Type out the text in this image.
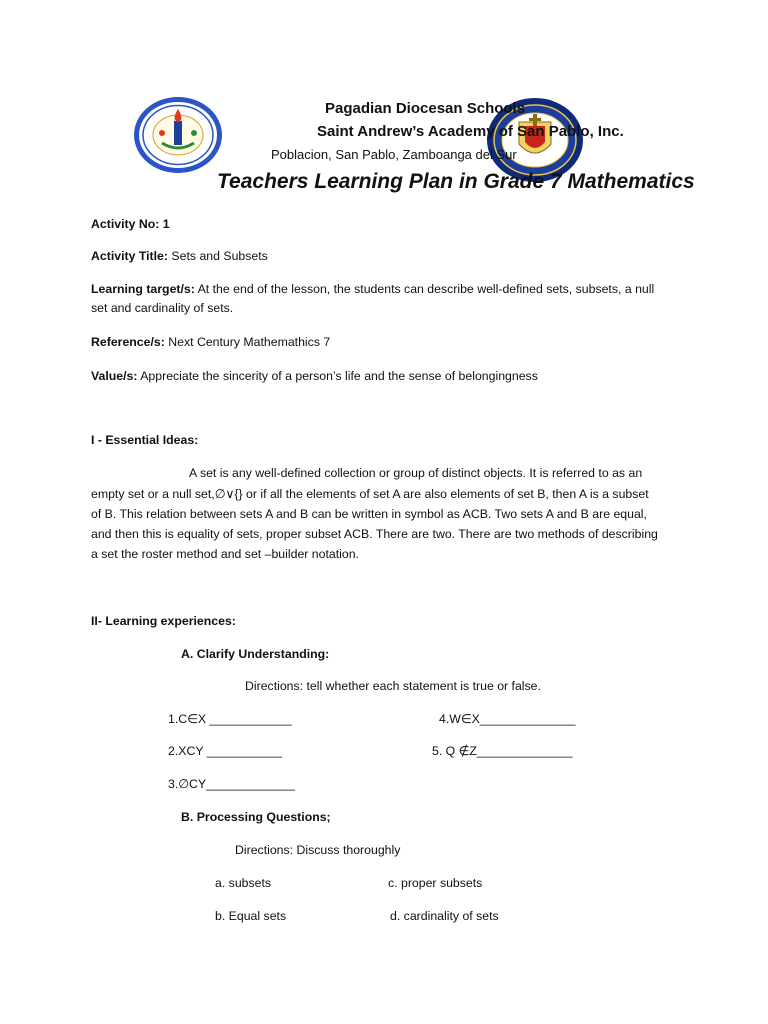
Pagadian Diocesan Schools
Saint Andrew’s Academy of San Pablo, Inc.
Poblacion, San Pablo, Zamboanga del Sur
Teachers Learning Plan in Grade 7 Mathematics
Activity No: 1
Activity Title: Sets and Subsets
Learning target/s: At the end of the lesson, the students can describe well-defined sets, subsets, a null
set and cardinality of sets.
Reference/s: Next Century Mathemathics 7
Value/s: Appreciate the sincerity of a person’s life and the sense of belongingness
I - Essential Ideas:
A set is any well-defined collection or group of distinct objects. It is referred to as an
empty set or a null set,∅∨{} or if all the elements of set A are also elements of set B, then A is a subset
of B. This relation between sets A and B can be written in symbol as ACB. Two sets A and B are equal,
and then this is equality of sets, proper subset ACB. There are two. There are two methods of describing
a set the roster method and set –builder notation.
II- Learning experiences:
A. Clarify Understanding:
Directions: tell whether each statement is true or false.
1.C∈X ____________
2.XCY ___________
3.∅CY_____________
4.W∈X______________
5. Q ∉Z______________
B. Processing Questions;
Directions: Discuss thoroughly
a. subsets	c. proper subsets
b. Equal sets	d. cardinality of sets
